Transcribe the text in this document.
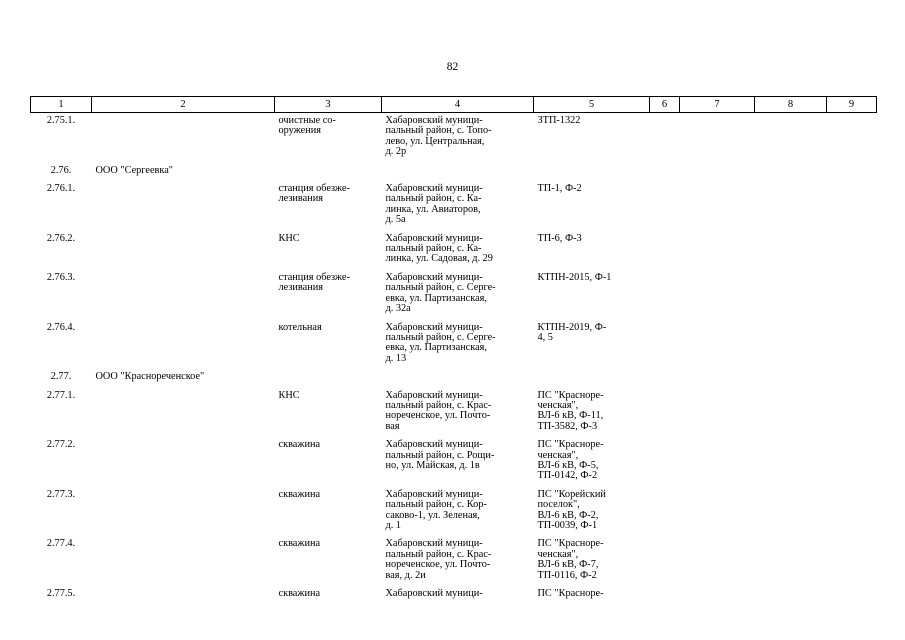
82
1	2	3	4	5	6	7	8	9
2.75.1.		очистные со-
оружения	Хабаровский муници-
пальный район, с. Топо-
лево, ул. Центральная,
д. 2р	ЗТП-1322				
2.76.	ООО "Сергеевка"							
2.76.1.		станция обезже-
лезивания	Хабаровский муници-
пальный район, с. Ка-
линка, ул. Авиаторов,
д. 5а	ТП-1, Ф-2				
2.76.2.		КНС	Хабаровский муници-
пальный район, с. Ка-
линка, ул. Садовая, д. 29	ТП-6, Ф-3				
2.76.3.		станция обезже-
лезивания	Хабаровский муници-
пальный район, с. Серге-
евка, ул. Партизанская,
д. 32а	КТПН-2015, Ф-1				
2.76.4.		котельная	Хабаровский муници-
пальный район, с. Серге-
евка, ул. Партизанская,
д. 13	КТПН-2019, Ф-
4, 5				
2.77.	ООО "Краснореченское"							
2.77.1.		КНС	Хабаровский муници-
пальный район, с. Крас-
нореченское, ул. Почто-
вая	ПС "Красноре-
ченская",
ВЛ-6 кВ, Ф-11,
ТП-3582, Ф-3				
2.77.2.		скважина	Хабаровский муници-
пальный район, с. Рощи-
но, ул. Майская, д. 1в	ПС "Красноре-
ченская",
ВЛ-6 кВ, Ф-5,
ТП-0142, Ф-2				
2.77.3.		скважина	Хабаровский муници-
пальный район, с. Кор-
саково-1, ул. Зеленая,
д. 1	ПС "Корейский
поселок",
ВЛ-6 кВ, Ф-2,
ТП-0039, Ф-1				
2.77.4.		скважина	Хабаровский муници-
пальный район, с. Крас-
нореченское, ул. Почто-
вая, д. 2и	ПС "Красноре-
ченская",
ВЛ-6 кВ, Ф-7,
ТП-0116, Ф-2				
2.77.5.		скважина	Хабаровский муници-	ПС "Красноре-				
